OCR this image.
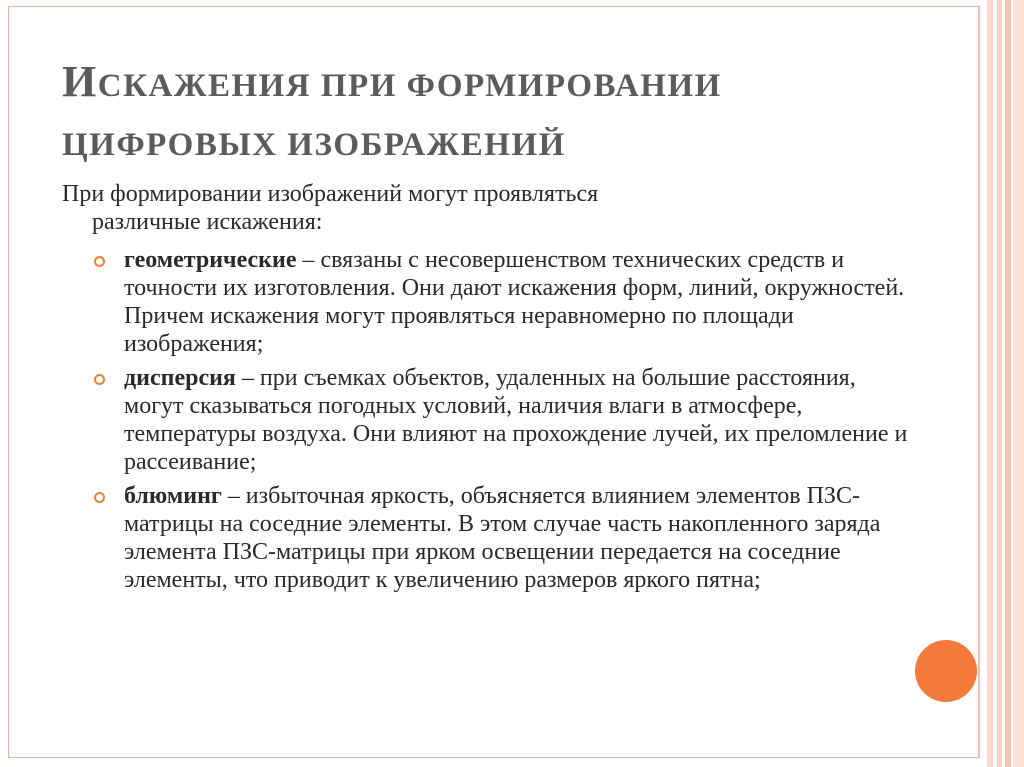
ИСКАЖЕНИЯ ПРИ ФОРМИРОВАНИИ
ЦИФРОВЫХ ИЗОБРАЖЕНИЙ
При формировании изображений могут проявляться
различные искажения:
геометрические – связаны с несовершенством технических средств и точности их изготовления. Они дают искажения форм, линий, окружностей. Причем искажения могут проявляться неравномерно по площади изображения;
дисперсия – при съемках объектов, удаленных на большие расстояния, могут сказываться погодных условий, наличия влаги в атмосфере, температуры воздуха. Они влияют на прохождение лучей, их преломление и рассеивание;
блюминг – избыточная яркость, объясняется влиянием элементов ПЗС-матрицы на соседние элементы. В этом случае часть накопленного заряда элемента ПЗС-матрицы при ярком освещении передается на соседние элементы, что приводит к увеличению размеров яркого пятна;
